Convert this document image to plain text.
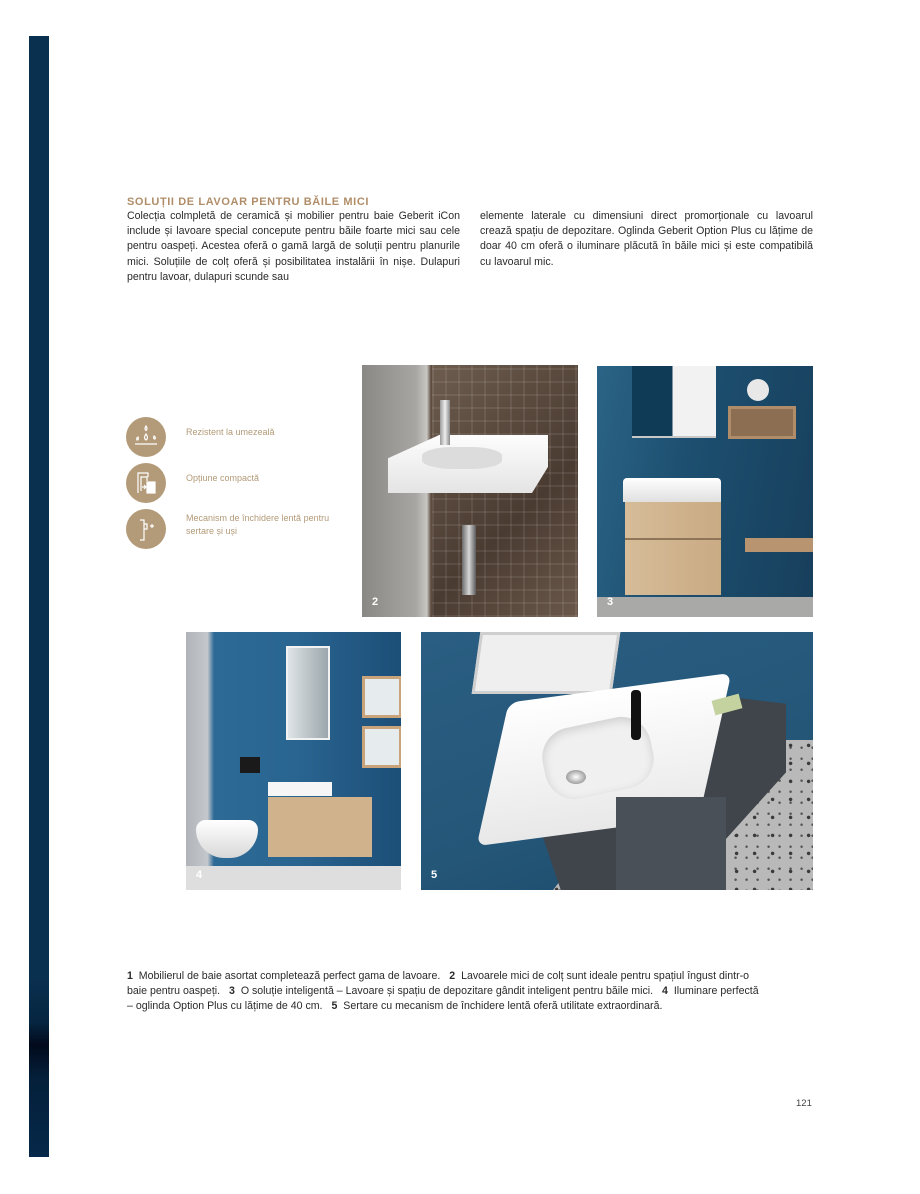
SOLUȚII DE LAVOAR PENTRU BĂILE MICI
Colecția colmpletă de ceramică și mobilier pentru baie Geberit iCon include și lavoare special concepute pentru băile foarte mici sau cele pentru oaspeți. Acestea oferă o gamă largă de soluții pentru planurile mici. Soluțiile de colț oferă și posibilitatea instalării în nișe. Dulapuri pentru lavoar, dulapuri scunde sau
elemente laterale cu dimensiuni direct promorționale cu lavoarul crează spațiu de depozitare. Oglinda Geberit Option Plus cu lățime de doar 40 cm oferă o iluminare plăcută în băile mici și este compatibilă cu lavoarul mic.
Rezistent la umezeală
Opțiune compactă
Mecanism de închidere lentă pentru sertare și uși
2	3
4	5
1 Mobilierul de baie asortat completează perfect gama de lavoare. 2 Lavoarele mici de colț sunt ideale pentru spațiul îngust dintr-o baie pentru oaspeți. 3 O soluție inteligentă – Lavoare și spațiu de depozitare gândit inteligent pentru băile mici. 4 Iluminare perfectă – oglinda Option Plus cu lățime de 40 cm. 5 Sertare cu mecanism de închidere lentă oferă utilitate extraordinară.
121
